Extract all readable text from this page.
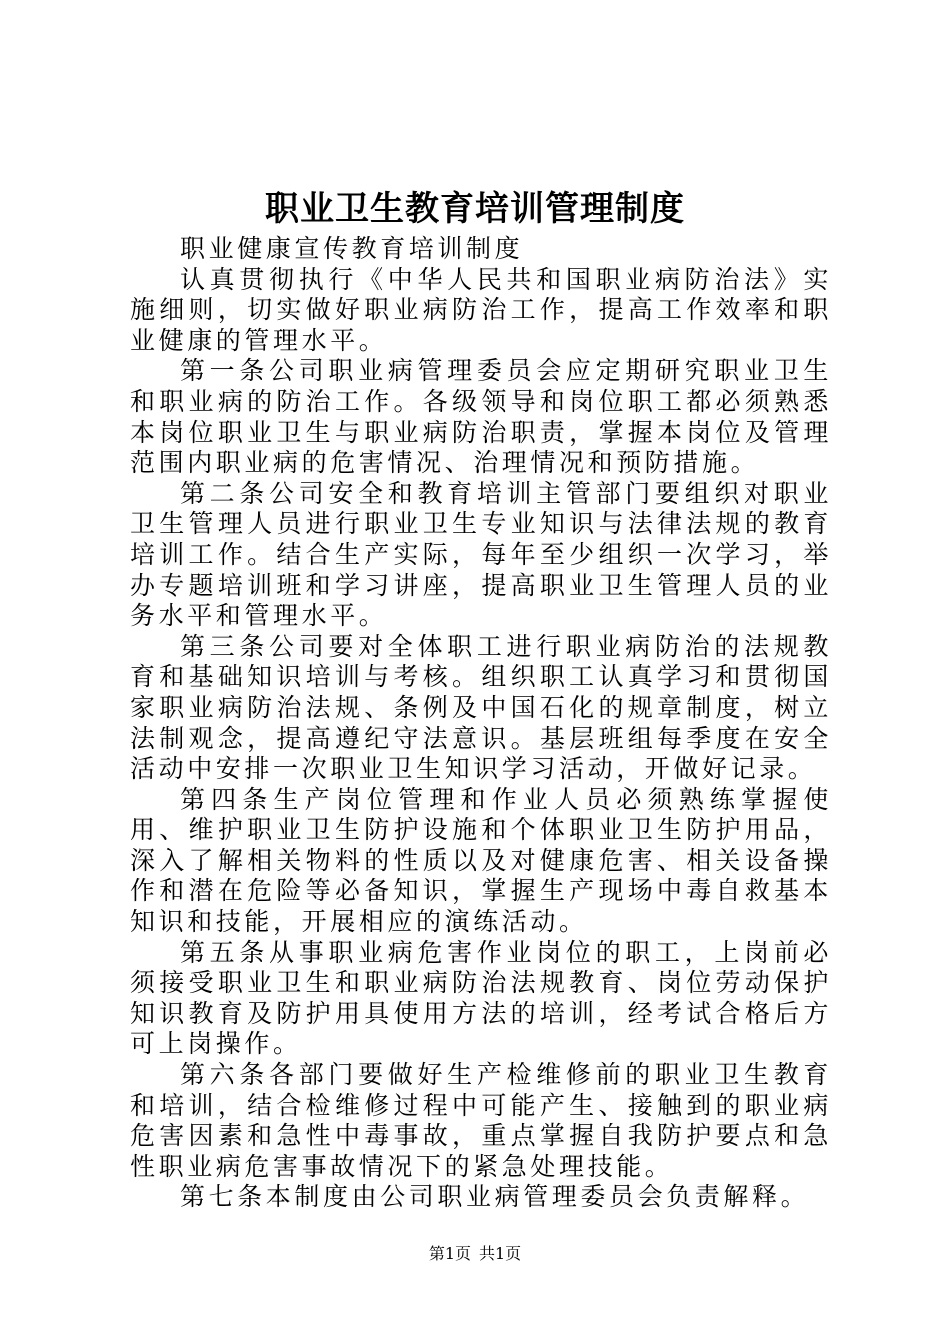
职业卫生教育培训管理制度

职业健康宣传教育培训制度

认真贯彻执行《中华人民共和国职业病防治法》实施细则，切实做好职业病防治工作，提高工作效率和职业健康的管理水平。

第一条公司职业病管理委员会应定期研究职业卫生和职业病的防治工作。各级领导和岗位职工都必须熟悉本岗位职业卫生与职业病防治职责，掌握本岗位及管理范围内职业病的危害情况、治理情况和预防措施。

第二条公司安全和教育培训主管部门要组织对职业卫生管理人员进行职业卫生专业知识与法律法规的教育培训工作。结合生产实际，每年至少组织一次学习，举办专题培训班和学习讲座，提高职业卫生管理人员的业务水平和管理水平。

第三条公司要对全体职工进行职业病防治的法规教育和基础知识培训与考核。组织职工认真学习和贯彻国家职业病防治法规、条例及中国石化的规章制度，树立法制观念，提高遵纪守法意识。基层班组每季度在安全活动中安排一次职业卫生知识学习活动，开做好记录。

第四条生产岗位管理和作业人员必须熟练掌握使用、维护职业卫生防护设施和个体职业卫生防护用品，深入了解相关物料的性质以及对健康危害、相关设备操作和潜在危险等必备知识，掌握生产现场中毒自救基本知识和技能，开展相应的演练活动。

第五条从事职业病危害作业岗位的职工，上岗前必须接受职业卫生和职业病防治法规教育、岗位劳动保护知识教育及防护用具使用方法的培训，经考试合格后方可上岗操作。

第六条各部门要做好生产检维修前的职业卫生教育和培训，结合检维修过程中可能产生、接触到的职业病危害因素和急性中毒事故，重点掌握自我防护要点和急性职业病危害事故情况下的紧急处理技能。

第七条本制度由公司职业病管理委员会负责解释。

第1页 共1页
